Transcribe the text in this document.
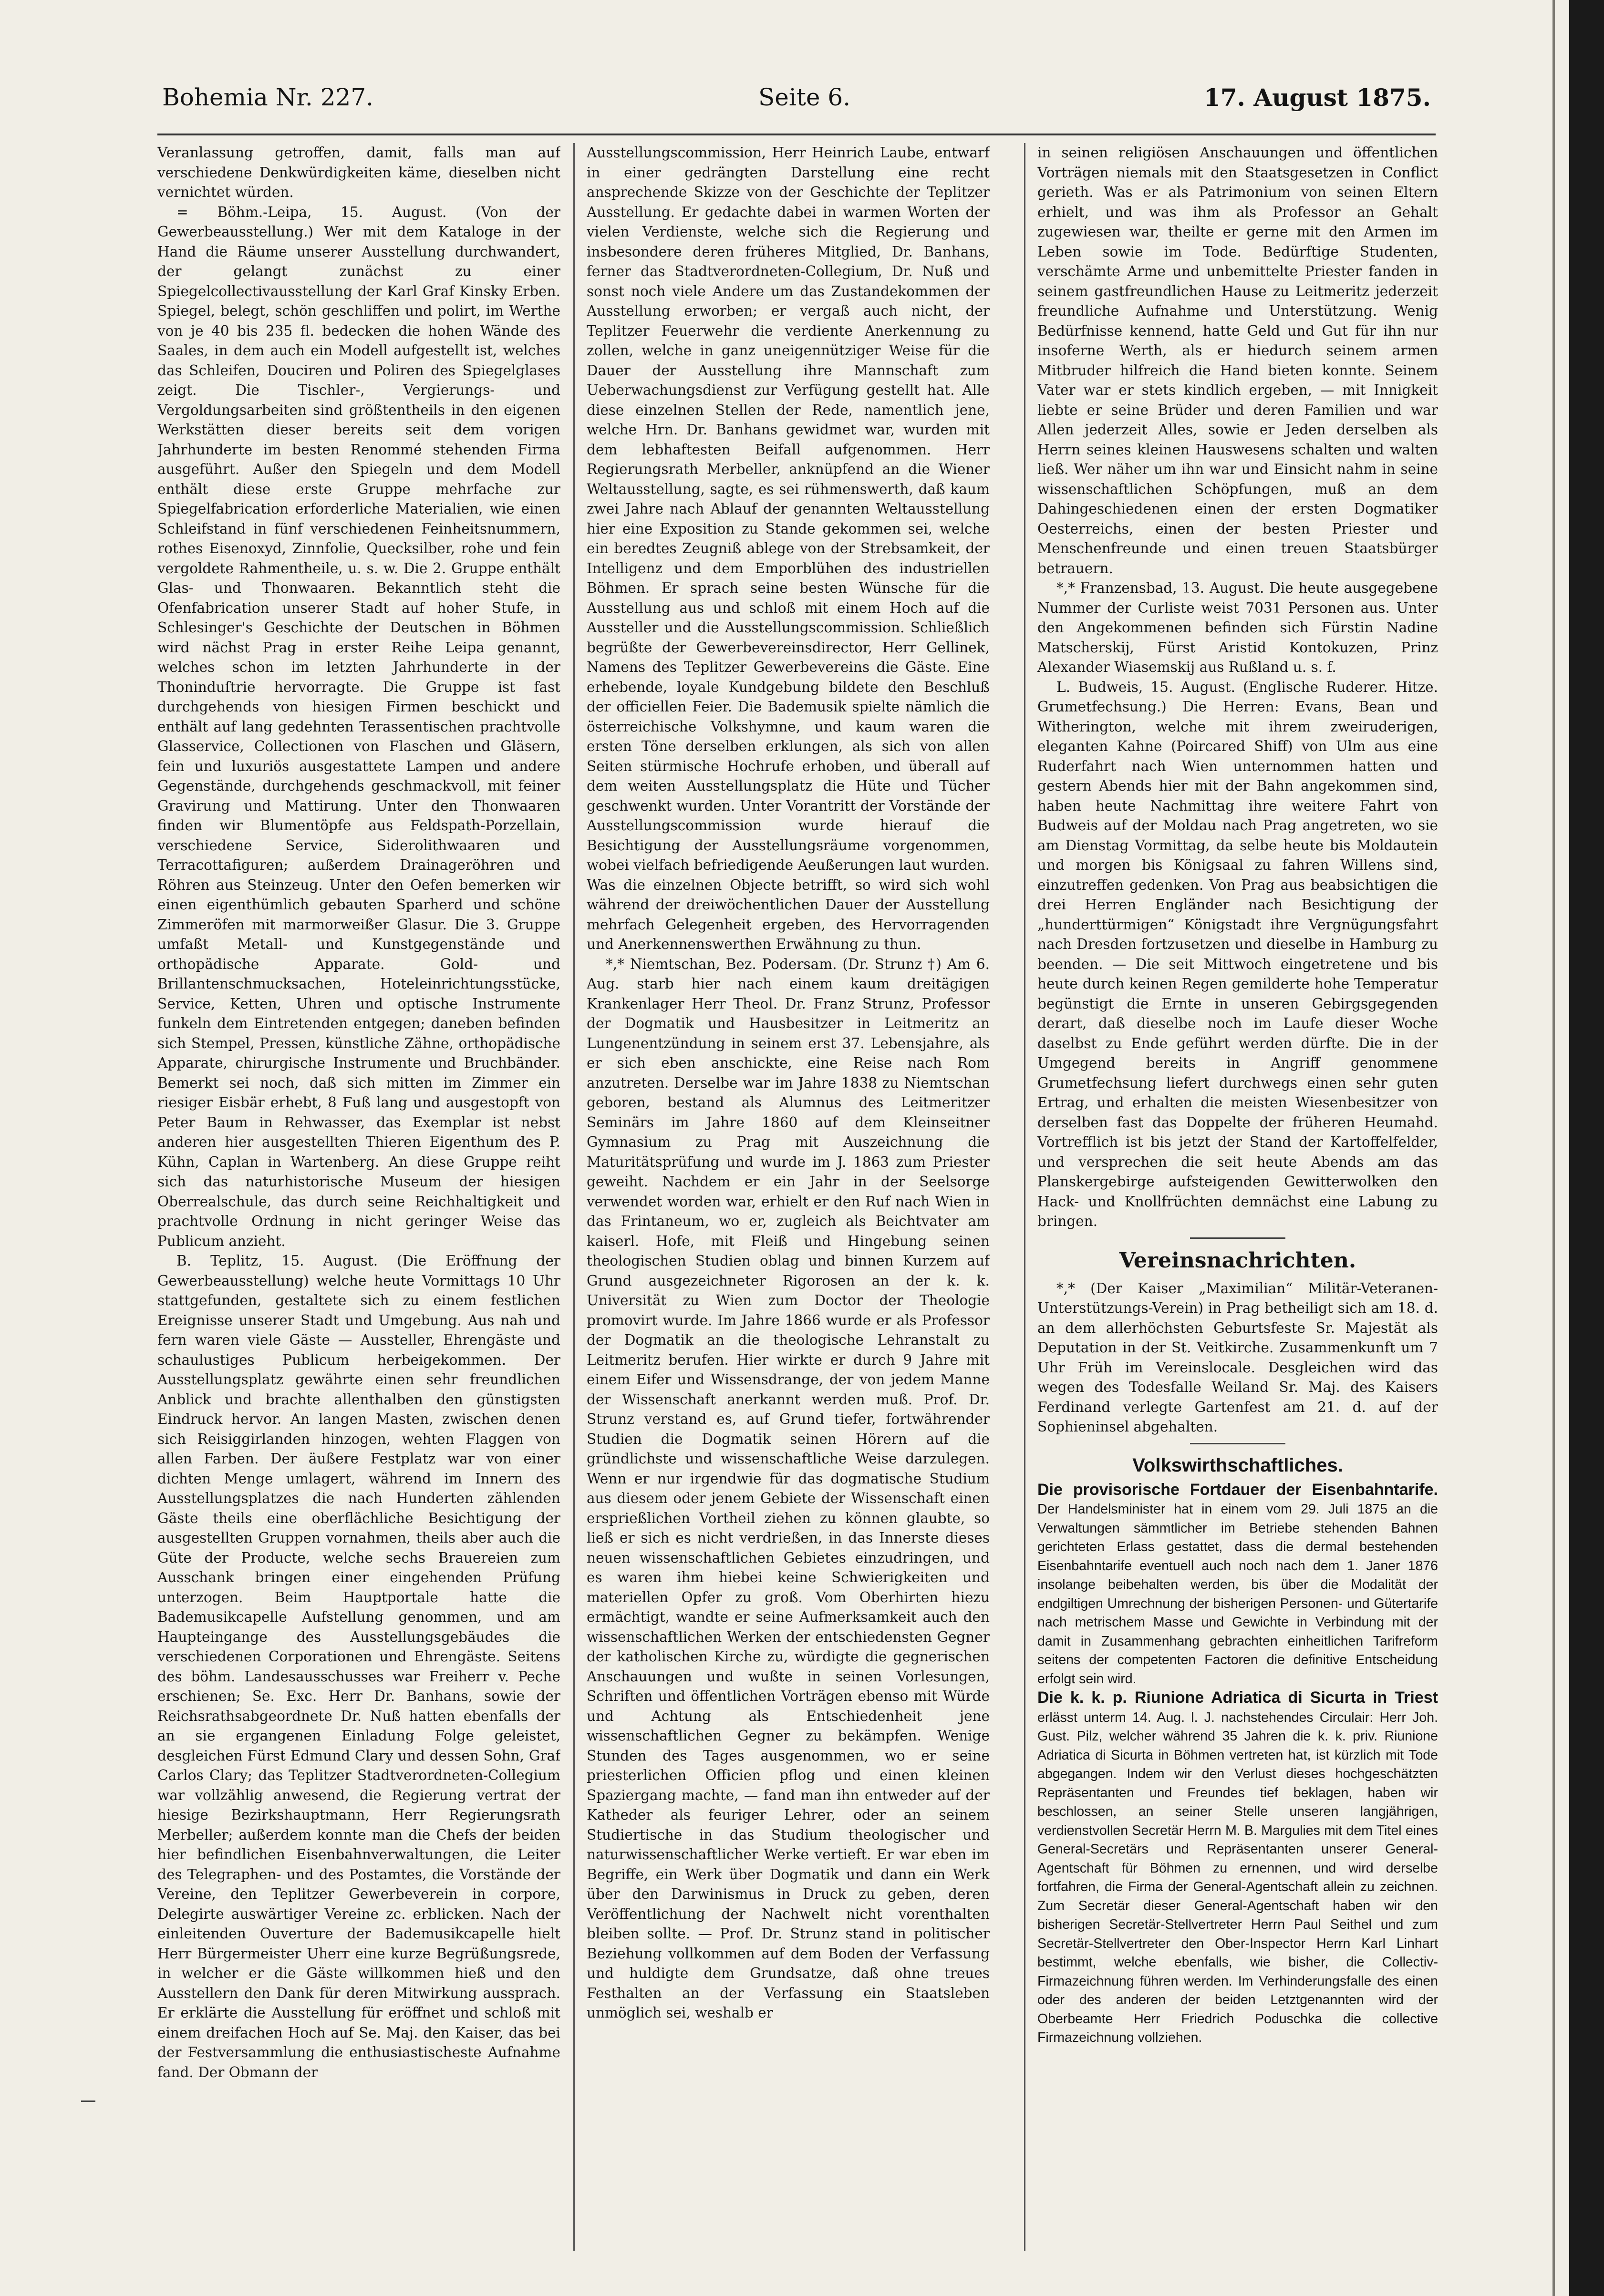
Bohemia Nr. 227.	Seite 6.	17. August 1875.

Veranlassung getroffen, damit, falls man auf verschiedene Denkwürdigkeiten käme, dieselben nicht vernichtet würden.

= Böhm.-Leipa, 15. August. (Von der Gewerbeausstellung.) Wer mit dem Kataloge in der Hand die Räume unserer Ausstellung durchwandert, der gelangt zunächst zu einer Spiegelcollectivausstellung der Karl Graf Kinsky Erben. Spiegel, belegt, schön geschliffen und polirt, im Werthe von je 40 bis 235 fl. bedecken die hohen Wände des Saales, in dem auch ein Modell aufgestellt ist, welches das Schleifen, Douciren und Poliren des Spiegelglases zeigt. Die Tischler-, Vergierungs- und Vergoldungsarbeiten sind größtentheils in den eigenen Werkstätten dieser bereits seit dem vorigen Jahrhunderte im besten Renommé stehenden Firma ausgeführt. Außer den Spiegeln und dem Modell enthält diese erste Gruppe mehrfache zur Spiegelfabrication erforderliche Materialien, wie einen Schleifstand in fünf verschiedenen Feinheitsnummern, rothes Eisenoxyd, Zinnfolie, Quecksilber, rohe und fein vergoldete Rahmentheile, u. s. w. Die 2. Gruppe enthält Glas- und Thonwaaren. Bekanntlich steht die Ofenfabrication unserer Stadt auf hoher Stufe, in Schlesinger's Geschichte der Deutschen in Böhmen wird nächst Prag in erster Reihe Leipa genannt, welches schon im letzten Jahrhunderte in der Thoninduſtrie hervorragte. Die Gruppe ist fast durchgehends von hiesigen Firmen beschickt und enthält auf lang gedehnten Terassentischen prachtvolle Glasservice, Collectionen von Flaschen und Gläsern, fein und luxuriös ausgestattete Lampen und andere Gegenstände, durchgehends geschmackvoll, mit feiner Gravirung und Mattirung. Unter den Thonwaaren finden wir Blumentöpfe aus Feldspath-Porzellain, verschiedene Service, Siderolithwaaren und Terracottafiguren; außerdem Drainageröhren und Röhren aus Steinzeug. Unter den Oefen bemerken wir einen eigenthümlich gebauten Sparherd und schöne Zimmeröfen mit marmorweißer Glasur. Die 3. Gruppe umfaßt Metall- und Kunstgegenstände und orthopädische Apparate. Gold- und Brillantenschmucksachen, Hoteleinrichtungsstücke, Service, Ketten, Uhren und optische Instrumente funkeln dem Eintretenden entgegen; daneben befinden sich Stempel, Pressen, künstliche Zähne, orthopädische Apparate, chirurgische Instrumente und Bruchbänder. Bemerkt sei noch, daß sich mitten im Zimmer ein riesiger Eisbär erhebt, 8 Fuß lang und ausgestopft von Peter Baum in Rehwasser, das Exemplar ist nebst anderen hier ausgestellten Thieren Eigenthum des P. Kühn, Caplan in Wartenberg. An diese Gruppe reiht sich das naturhistorische Museum der hiesigen Oberrealschule, das durch seine Reichhaltigkeit und prachtvolle Ordnung in nicht geringer Weise das Publicum anzieht.

B. Teplitz, 15. August. (Die Eröffnung der Gewerbeausstellung) welche heute Vormittags 10 Uhr stattgefunden, gestaltete sich zu einem festlichen Ereignisse unserer Stadt und Umgebung. Aus nah und fern waren viele Gäste — Aussteller, Ehrengäste und schaulustiges Publicum herbeigekommen. Der Ausstellungsplatz gewährte einen sehr freundlichen Anblick und brachte allenthalben den günstigsten Eindruck hervor. An langen Masten, zwischen denen sich Reisiggirlanden hinzogen, wehten Flaggen von allen Farben. Der äußere Festplatz war von einer dichten Menge umlagert, während im Innern des Ausstellungsplatzes die nach Hunderten zählenden Gäste theils eine oberflächliche Besichtigung der ausgestellten Gruppen vornahmen, theils aber auch die Güte der Producte, welche sechs Brauereien zum Ausschank bringen einer eingehenden Prüfung unterzogen. Beim Hauptportale hatte die Bademusikcapelle Aufstellung genommen, und am Haupteingange des Ausstellungsgebäudes die verschiedenen Corporationen und Ehrengäste. Seitens des böhm. Landesausschusses war Freiherr v. Peche erschienen; Se. Exc. Herr Dr. Banhans, sowie der Reichsrathsabgeordnete Dr. Nuß hatten ebenfalls der an sie ergangenen Einladung Folge geleistet, desgleichen Fürst Edmund Clary und dessen Sohn, Graf Carlos Clary; das Teplitzer Stadtverordneten-Collegium war vollzählig anwesend, die Regierung vertrat der hiesige Bezirkshauptmann, Herr Regierungsrath Merbeller; außerdem konnte man die Chefs der beiden hier befindlichen Eisenbahnverwaltungen, die Leiter des Telegraphen- und des Postamtes, die Vorstände der Vereine, den Teplitzer Gewerbeverein in corpore, Delegirte auswärtiger Vereine zc. erblicken. Nach der einleitenden Ouverture der Bademusikcapelle hielt Herr Bürgermeister Uherr eine kurze Begrüßungsrede, in welcher er die Gäste willkommen hieß und den Ausstellern den Dank für deren Mitwirkung aussprach. Er erklärte die Ausstellung für eröffnet und schloß mit einem dreifachen Hoch auf Se. Maj. den Kaiser, das bei der Festversammlung die enthusiastischeste Aufnahme fand. Der Obmann der

Ausstellungscommission, Herr Heinrich Laube, entwarf in einer gedrängten Darstellung eine recht ansprechende Skizze von der Geschichte der Teplitzer Ausstellung. Er gedachte dabei in warmen Worten der vielen Verdienste, welche sich die Regierung und insbesondere deren früheres Mitglied, Dr. Banhans, ferner das Stadtverordneten-Collegium, Dr. Nuß und sonst noch viele Andere um das Zustandekommen der Ausstellung erworben; er vergaß auch nicht, der Teplitzer Feuerwehr die verdiente Anerkennung zu zollen, welche in ganz uneigennütziger Weise für die Dauer der Ausstellung ihre Mannschaft zum Ueberwachungsdienst zur Verfügung gestellt hat. Alle diese einzelnen Stellen der Rede, namentlich jene, welche Hrn. Dr. Banhans gewidmet war, wurden mit dem lebhaftesten Beifall aufgenommen. Herr Regierungsrath Merbeller, anknüpfend an die Wiener Weltausstellung, sagte, es sei rühmenswerth, daß kaum zwei Jahre nach Ablauf der genannten Weltausstellung hier eine Exposition zu Stande gekommen sei, welche ein beredtes Zeugniß ablege von der Strebsamkeit, der Intelligenz und dem Emporblühen des industriellen Böhmen. Er sprach seine besten Wünsche für die Ausstellung aus und schloß mit einem Hoch auf die Aussteller und die Ausstellungscommission. Schließlich begrüßte der Gewerbevereinsdirector, Herr Gellinek, Namens des Teplitzer Gewerbevereins die Gäste. Eine erhebende, loyale Kundgebung bildete den Beschluß der officiellen Feier. Die Bademusik spielte nämlich die österreichische Volkshymne, und kaum waren die ersten Töne derselben erklungen, als sich von allen Seiten stürmische Hochrufe erhoben, und überall auf dem weiten Ausstellungsplatz die Hüte und Tücher geschwenkt wurden. Unter Vorantritt der Vorstände der Ausstellungscommission wurde hierauf die Besichtigung der Ausstellungsräume vorgenommen, wobei vielfach befriedigende Aeußerungen laut wurden. Was die einzelnen Objecte betrifft, so wird sich wohl während der dreiwöchentlichen Dauer der Ausstellung mehrfach Gelegenheit ergeben, des Hervorragenden und Anerkennenswerthen Erwähnung zu thun.

*,* Niemtschan, Bez. Podersam. (Dr. Strunz †) Am 6. Aug. starb hier nach einem kaum dreitägigen Krankenlager Herr Theol. Dr. Franz Strunz, Professor der Dogmatik und Hausbesitzer in Leitmeritz an Lungenentzündung in seinem erst 37. Lebensjahre, als er sich eben anschickte, eine Reise nach Rom anzutreten. Derselbe war im Jahre 1838 zu Niemtschan geboren, bestand als Alumnus des Leitmeritzer Seminärs im Jahre 1860 auf dem Kleinseitner Gymnasium zu Prag mit Auszeichnung die Maturitätsprüfung und wurde im J. 1863 zum Priester geweiht. Nachdem er ein Jahr in der Seelsorge verwendet worden war, erhielt er den Ruf nach Wien in das Frintaneum, wo er, zugleich als Beichtvater am kaiserl. Hofe, mit Fleiß und Hingebung seinen theologischen Studien oblag und binnen Kurzem auf Grund ausgezeichneter Rigorosen an der k. k. Universität zu Wien zum Doctor der Theologie promovirt wurde. Im Jahre 1866 wurde er als Professor der Dogmatik an die theologische Lehranstalt zu Leitmeritz berufen. Hier wirkte er durch 9 Jahre mit einem Eifer und Wissensdrange, der von jedem Manne der Wissenschaft anerkannt werden muß. Prof. Dr. Strunz verstand es, auf Grund tiefer, fortwährender Studien die Dogmatik seinen Hörern auf die gründlichste und wissenschaftliche Weise darzulegen. Wenn er nur irgendwie für das dogmatische Studium aus diesem oder jenem Gebiete der Wissenschaft einen ersprießlichen Vortheil ziehen zu können glaubte, so ließ er sich es nicht verdrießen, in das Innerste dieses neuen wissenschaftlichen Gebietes einzudringen, und es waren ihm hiebei keine Schwierigkeiten und materiellen Opfer zu groß. Vom Oberhirten hiezu ermächtigt, wandte er seine Aufmerksamkeit auch den wissenschaftlichen Werken der entschiedensten Gegner der katholischen Kirche zu, würdigte die gegnerischen Anschauungen und wußte in seinen Vorlesungen, Schriften und öffentlichen Vorträgen ebenso mit Würde und Achtung als Entschiedenheit jene wissenschaftlichen Gegner zu bekämpfen. Wenige Stunden des Tages ausgenommen, wo er seine priesterlichen Officien pflog und einen kleinen Spaziergang machte, — fand man ihn entweder auf der Katheder als feuriger Lehrer, oder an seinem Studiertische in das Studium theologischer und naturwissenschaftlicher Werke vertieft. Er war eben im Begriffe, ein Werk über Dogmatik und dann ein Werk über den Darwinismus in Druck zu geben, deren Veröffentlichung der Nachwelt nicht vorenthalten bleiben sollte. — Prof. Dr. Strunz stand in politischer Beziehung vollkommen auf dem Boden der Verfassung und huldigte dem Grundsatze, daß ohne treues Festhalten an der Verfassung ein Staatsleben unmöglich sei, weshalb er

in seinen religiösen Anschauungen und öffentlichen Vorträgen niemals mit den Staatsgesetzen in Conflict gerieth. Was er als Patrimonium von seinen Eltern erhielt, und was ihm als Professor an Gehalt zugewiesen war, theilte er gerne mit den Armen im Leben sowie im Tode. Bedürftige Studenten, verschämte Arme und unbemittelte Priester fanden in seinem gastfreundlichen Hause zu Leitmeritz jederzeit freundliche Aufnahme und Unterstützung. Wenig Bedürfnisse kennend, hatte Geld und Gut für ihn nur insoferne Werth, als er hiedurch seinem armen Mitbruder hilfreich die Hand bieten konnte. Seinem Vater war er stets kindlich ergeben, — mit Innigkeit liebte er seine Brüder und deren Familien und war Allen jederzeit Alles, sowie er Jeden derselben als Herrn seines kleinen Hauswesens schalten und walten ließ. Wer näher um ihn war und Einsicht nahm in seine wissenschaftlichen Schöpfungen, muß an dem Dahingeschiedenen einen der ersten Dogmatiker Oesterreichs, einen der besten Priester und Menschenfreunde und einen treuen Staatsbürger betrauern.

*,* Franzensbad, 13. August. Die heute ausgegebene Nummer der Curliste weist 7031 Personen aus. Unter den Angekommenen befinden sich Fürstin Nadine Matscherskij, Fürst Aristid Kontokuzen, Prinz Alexander Wiasemskij aus Rußland u. s. f.

L. Budweis, 15. August. (Englische Ruderer. Hitze. Grumetfechsung.) Die Herren: Evans, Bean und Witherington, welche mit ihrem zweiruderigen, eleganten Kahne (Poircared Shiff) von Ulm aus eine Ruderfahrt nach Wien unternommen hatten und gestern Abends hier mit der Bahn angekommen sind, haben heute Nachmittag ihre weitere Fahrt von Budweis auf der Moldau nach Prag angetreten, wo sie am Dienstag Vormittag, da selbe heute bis Moldautein und morgen bis Königsaal zu fahren Willens sind, einzutreffen gedenken. Von Prag aus beabsichtigen die drei Herren Engländer nach Besichtigung der „hunderttürmigen“ Königstadt ihre Vergnügungsfahrt nach Dresden fortzusetzen und dieselbe in Hamburg zu beenden. — Die seit Mittwoch eingetretene und bis heute durch keinen Regen gemilderte hohe Temperatur begünstigt die Ernte in unseren Gebirgsgegenden derart, daß dieselbe noch im Laufe dieser Woche daselbst zu Ende geführt werden dürfte. Die in der Umgegend bereits in Angriff genommene Grumetfechsung liefert durchwegs einen sehr guten Ertrag, und erhalten die meisten Wiesenbesitzer von derselben fast das Doppelte der früheren Heumahd. Vortrefflich ist bis jetzt der Stand der Kartoffelfelder, und versprechen die seit heute Abends am das Planskergebirge aufsteigenden Gewitterwolken den Hack- und Knollfrüchten demnächst eine Labung zu bringen.

Vereinsnachrichten.

*,* (Der Kaiser „Maximilian“ Militär-Veteranen-Unterstützungs-Verein) in Prag betheiligt sich am 18. d. an dem allerhöchsten Geburtsfeste Sr. Majestät als Deputation in der St. Veitkirche. Zusammenkunft um 7 Uhr Früh im Vereinslocale. Desgleichen wird das wegen des Todesfalle Weiland Sr. Maj. des Kaisers Ferdinand verlegte Gartenfest am 21. d. auf der Sophieninsel abgehalten.

Volkswirthschaftliches.

Die provisorische Fortdauer der Eisenbahntarife. Der Handelsminister hat in einem vom 29. Juli 1875 an die Verwaltungen sämmtlicher im Betriebe stehenden Bahnen gerichteten Erlass gestattet, dass die dermal bestehenden Eisenbahntarife eventuell auch noch nach dem 1. Janer 1876 insolange beibehalten werden, bis über die Modalität der endgiltigen Umrechnung der bisherigen Personen- und Gütertarife nach metrischem Masse und Gewichte in Verbindung mit der damit in Zusammenhang gebrachten einheitlichen Tarifreform seitens der competenten Factoren die definitive Entscheidung erfolgt sein wird.

Die k. k. p. Riunione Adriatica di Sicurta in Triest erlässt unterm 14. Aug. l. J. nachstehendes Circulair: Herr Joh. Gust. Pilz, welcher während 35 Jahren die k. k. priv. Riunione Adriatica di Sicurta in Böhmen vertreten hat, ist kürzlich mit Tode abgegangen. Indem wir den Verlust dieses hochgeschätzten Repräsentanten und Freundes tief beklagen, haben wir beschlossen, an seiner Stelle unseren langjährigen, verdienstvollen Secretär Herrn M. B. Margulies mit dem Titel eines General-Secretärs und Repräsentanten unserer General-Agentschaft für Böhmen zu ernennen, und wird derselbe fortfahren, die Firma der General-Agentschaft allein zu zeichnen. Zum Secretär dieser General-Agentschaft haben wir den bisherigen Secretär-Stellvertreter Herrn Paul Seithel und zum Secretär-Stellvertreter den Ober-Inspector Herrn Karl Linhart bestimmt, welche ebenfalls, wie bisher, die Collectiv-Firmazeichnung führen werden. Im Verhinderungsfalle des einen oder des anderen der beiden Letztgenannten wird der Oberbeamte Herr Friedrich Poduschka die collective Firmazeichnung vollziehen.
